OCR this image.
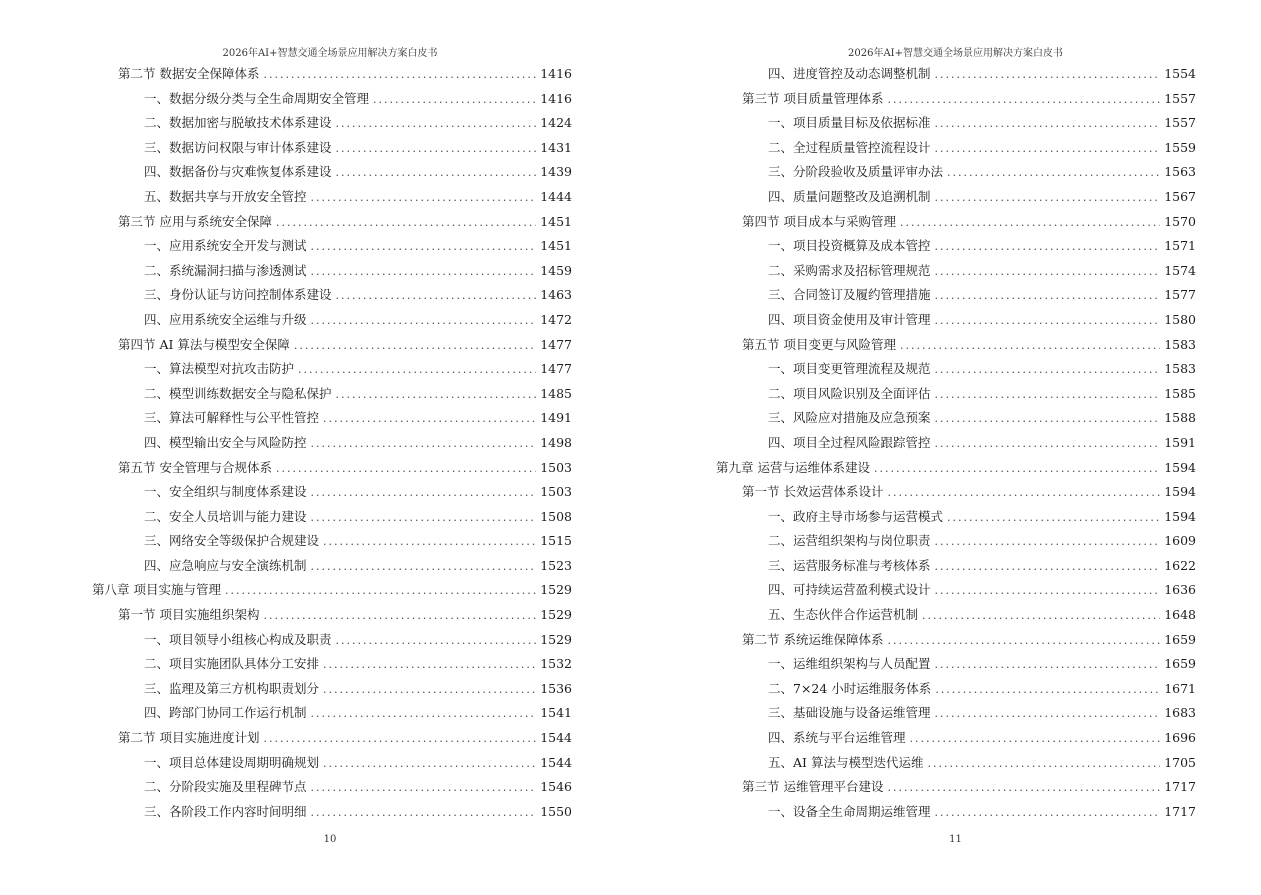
2026年AI+智慧交通全场景应用解决方案白皮书
第二节 数据安全保障体系 .....	1416
一、数据分级分类与全生命周期安全管理 .....	1416
二、数据加密与脱敏技术体系建设 .....	1424
三、数据访问权限与审计体系建设 .....	1431
四、数据备份与灾难恢复体系建设 .....	1439
五、数据共享与开放安全管控 .....	1444
第三节 应用与系统安全保障 .....	1451
一、应用系统安全开发与测试 .....	1451
二、系统漏洞扫描与渗透测试 .....	1459
三、身份认证与访问控制体系建设 .....	1463
四、应用系统安全运维与升级 .....	1472
第四节 AI 算法与模型安全保障 .....	1477
一、算法模型对抗攻击防护 .....	1477
二、模型训练数据安全与隐私保护 .....	1485
三、算法可解释性与公平性管控 .....	1491
四、模型输出安全与风险防控 .....	1498
第五节 安全管理与合规体系 .....	1503
一、安全组织与制度体系建设 .....	1503
二、安全人员培训与能力建设 .....	1508
三、网络安全等级保护合规建设 .....	1515
四、应急响应与安全演练机制 .....	1523
第八章 项目实施与管理 .....	1529
第一节 项目实施组织架构 .....	1529
一、项目领导小组核心构成及职责 .....	1529
二、项目实施团队具体分工安排 .....	1532
三、监理及第三方机构职责划分 .....	1536
四、跨部门协同工作运行机制 .....	1541
第二节 项目实施进度计划 .....	1544
一、项目总体建设周期明确规划 .....	1544
二、分阶段实施及里程碑节点 .....	1546
三、各阶段工作内容时间明细 .....	1550
10
2026年AI+智慧交通全场景应用解决方案白皮书
四、进度管控及动态调整机制 .....	1554
第三节 项目质量管理体系 .....	1557
一、项目质量目标及依据标准 .....	1557
二、全过程质量管控流程设计 .....	1559
三、分阶段验收及质量评审办法 .....	1563
四、质量问题整改及追溯机制 .....	1567
第四节 项目成本与采购管理 .....	1570
一、项目投资概算及成本管控 .....	1571
二、采购需求及招标管理规范 .....	1574
三、合同签订及履约管理措施 .....	1577
四、项目资金使用及审计管理 .....	1580
第五节 项目变更与风险管理 .....	1583
一、项目变更管理流程及规范 .....	1583
二、项目风险识别及全面评估 .....	1585
三、风险应对措施及应急预案 .....	1588
四、项目全过程风险跟踪管控 .....	1591
第九章 运营与运维体系建设 .....	1594
第一节 长效运营体系设计 .....	1594
一、政府主导市场参与运营模式 .....	1594
二、运营组织架构与岗位职责 .....	1609
三、运营服务标准与考核体系 .....	1622
四、可持续运营盈利模式设计 .....	1636
五、生态伙伴合作运营机制 .....	1648
第二节 系统运维保障体系 .....	1659
一、运维组织架构与人员配置 .....	1659
二、7×24 小时运维服务体系 .....	1671
三、基础设施与设备运维管理 .....	1683
四、系统与平台运维管理 .....	1696
五、AI 算法与模型迭代运维 .....	1705
第三节 运维管理平台建设 .....	1717
一、设备全生命周期运维管理 .....	1717
11
